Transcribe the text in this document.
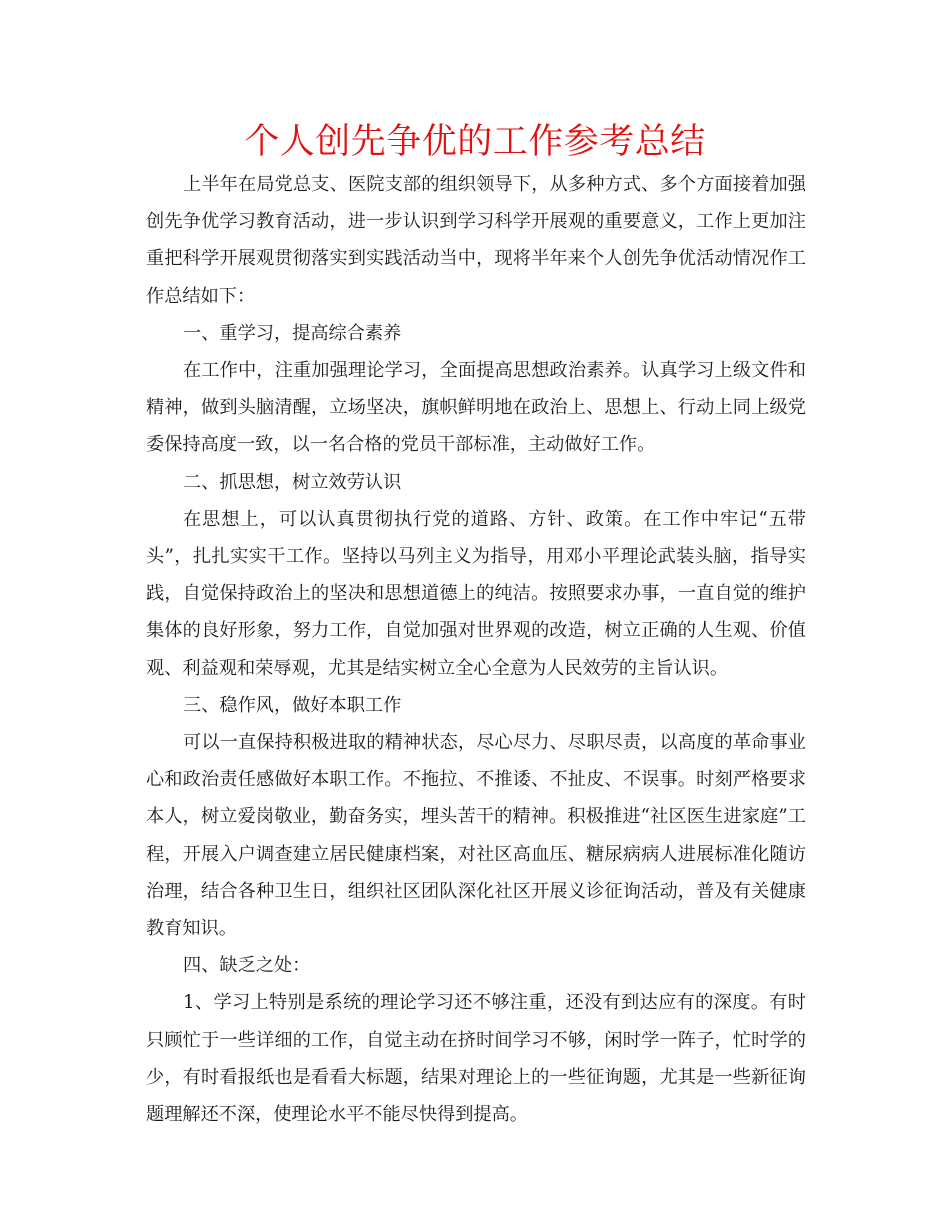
个人创先争优的工作参考总结

上半年在局党总支、医院支部的组织领导下，从多种方式、多个方面接着加强创先争优学习教育活动，进一步认识到学习科学开展观的重要意义，工作上更加注重把科学开展观贯彻落实到实践活动当中，现将半年来个人创先争优活动情况作工作总结如下：

一、重学习，提高综合素养

在工作中，注重加强理论学习，全面提高思想政治素养。认真学习上级文件和精神，做到头脑清醒，立场坚决，旗帜鲜明地在政治上、思想上、行动上同上级党委保持高度一致，以一名合格的党员干部标准，主动做好工作。

二、抓思想，树立效劳认识

在思想上，可以认真贯彻执行党的道路、方针、政策。在工作中牢记“五带头”，扎扎实实干工作。坚持以马列主义为指导，用邓小平理论武装头脑，指导实践，自觉保持政治上的坚决和思想道德上的纯洁。按照要求办事，一直自觉的维护集体的良好形象，努力工作，自觉加强对世界观的改造，树立正确的人生观、价值观、利益观和荣辱观，尤其是结实树立全心全意为人民效劳的主旨认识。

三、稳作风，做好本职工作

可以一直保持积极进取的精神状态，尽心尽力、尽职尽责，以高度的革命事业心和政治责任感做好本职工作。不拖拉、不推诿、不扯皮、不误事。时刻严格要求本人，树立爱岗敬业，勤奋务实，埋头苦干的精神。积极推进“社区医生进家庭”工程，开展入户调查建立居民健康档案，对社区高血压、糖尿病病人进展标准化随访治理，结合各种卫生日，组织社区团队深化社区开展义诊征询活动，普及有关健康教育知识。

四、缺乏之处：

1、学习上特别是系统的理论学习还不够注重，还没有到达应有的深度。有时只顾忙于一些详细的工作，自觉主动在挤时间学习不够，闲时学一阵子，忙时学的少，有时看报纸也是看看大标题，结果对理论上的一些征询题，尤其是一些新征询题理解还不深，使理论水平不能尽快得到提高。
